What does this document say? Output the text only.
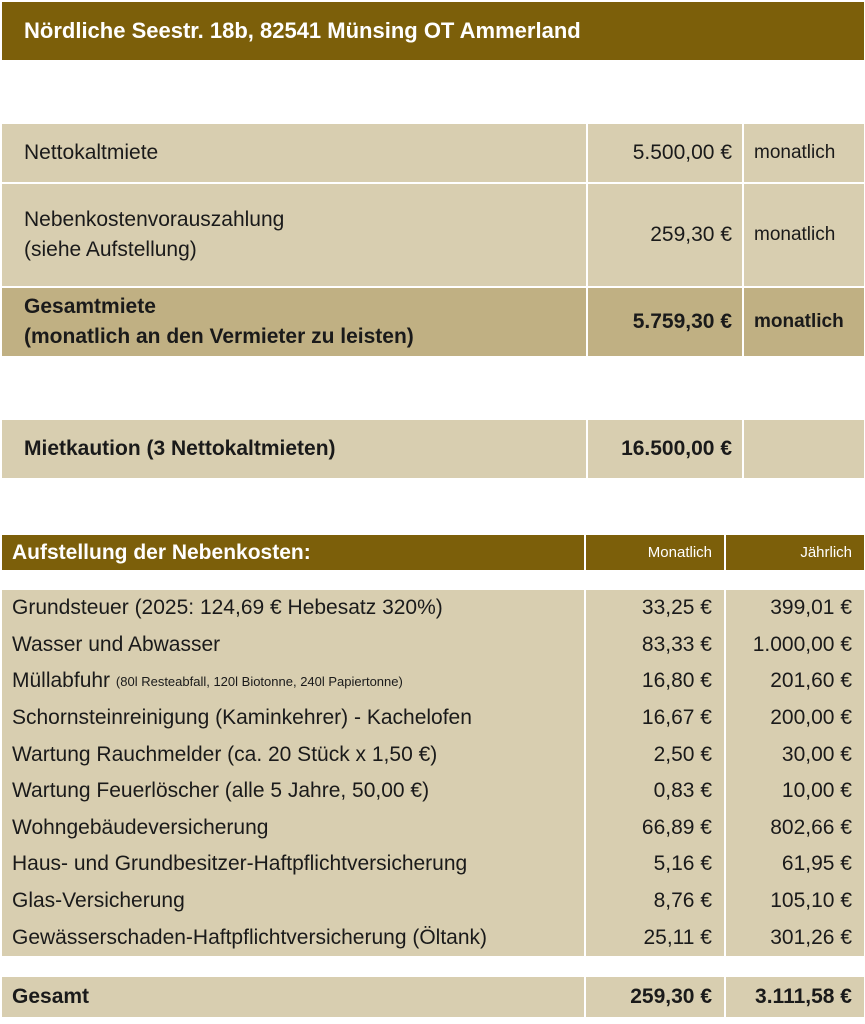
Nördliche Seestr. 18b, 82541 Münsing OT Ammerland
Nettokaltmiete	5.500,00 €	monatlich
Nebenkostenvorauszahlung
(siehe Aufstellung)
259,30 €	monatlich
Gesamtmiete
(monatlich an den Vermieter zu leisten)
5.759,30 €	monatlich
Mietkaution (3 Nettokaltmieten)	16.500,00 €
Aufstellung der Nebenkosten:	Monatlich	Jährlich
Grundsteuer (2025: 124,69 € Hebesatz 320%)	33,25 €	399,01 €
Wasser und Abwasser	83,33 €	1.000,00 €
Müllabfuhr
(80l Resteabfall, 120l Biotonne, 240l Papiertonne)	16,80 €	201,60 €
Schornsteinreinigung (Kaminkehrer) - Kachelofen	16,67 €	200,00 €
Wartung Rauchmelder (ca. 20 Stück x 1,50 €)	2,50 €	30,00 €
Wartung Feuerlöscher (alle 5 Jahre, 50,00 €)	0,83 €	10,00 €
Wohngebäudeversicherung	66,89 €	802,66 €
Haus- und Grundbesitzer-Haftpflichtversicherung	5,16 €	61,95 €
Glas-Versicherung	8,76 €	105,10 €
Gewässerschaden-Haftpflichtversicherung (Öltank)	25,11 €	301,26 €
Gesamt	259,30 €	3.111,58 €
